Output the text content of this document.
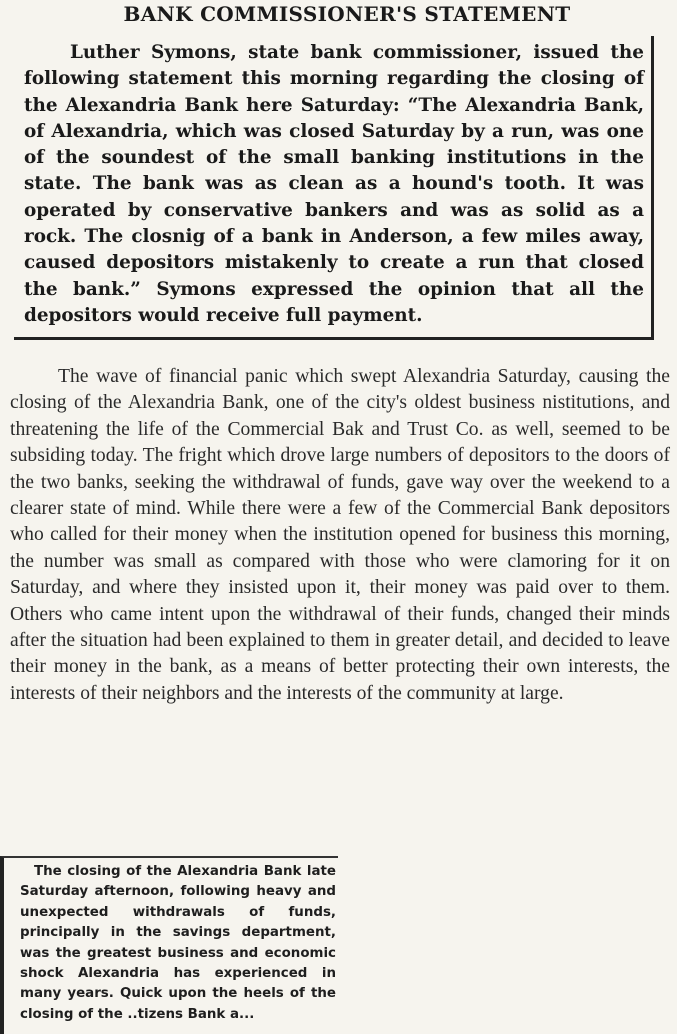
BANK COMMISSIONER'S STATEMENT
Luther Symons, state bank commissioner, issued the following statement this morning regarding the closing of the Alexandria Bank here Saturday: “The Alexandria Bank, of Alexandria, which was closed Saturday by a run, was one of the soundest of the small banking institutions in the state. The bank was as clean as a hound's tooth. It was operated by conservative bankers and was as solid as a rock. The closnig of a bank in Anderson, a few miles away, caused depositors mistakenly to create a run that closed the bank.” Symons expressed the opinion that all the depositors would receive full payment.
The wave of financial panic which swept Alexandria Saturday, causing the closing of the Alexandria Bank, one of the city's oldest business nistitutions, and threatening the life of the Commercial Bak and Trust Co. as well, seemed to be subsiding today. The fright which drove large numbers of depositors to the doors of the two banks, seeking the withdrawal of funds, gave way over the weekend to a clearer state of mind. While there were a few of the Commercial Bank depositors who called for their money when the institution opened for business this morning, the number was small as compared with those who were clamoring for it on Saturday, and where they insisted upon it, their money was paid over to them. Others who came intent upon the withdrawal of their funds, changed their minds after the situation had been explained to them in greater detail, and decided to leave their money in the bank, as a means of better protecting their own interests, the interests of their neighbors and the interests of the community at large.
The closing of the Alexandria Bank late Saturday afternoon, following heavy and unexpected withdrawals of funds, principally in the savings department, was the greatest business and economic shock Alexandria has experienced in many years. Quick upon the heels of the closing of the ..tizens Bank a...
